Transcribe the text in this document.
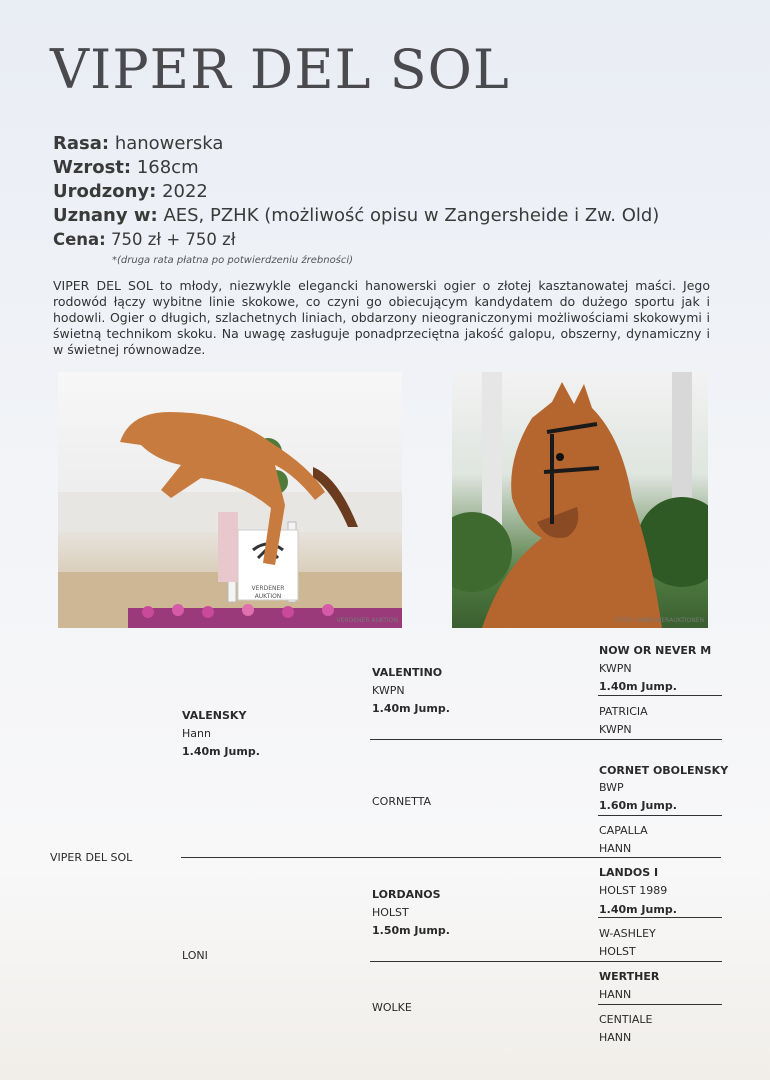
VIPER DEL SOL
Rasa: hanowerska
Wzrost: 168cm
Urodzony: 2022
Uznany w: AES, PZHK (możliwość opisu w Zangersheide i Zw. Old)
Cena: 750 zł + 750 zł
*(druga rata płatna po potwierdzeniu źrebności)
VIPER DEL SOL to młody, niezwykle elegancki hanowerski ogier o złotej kasztanowatej maści. Jego rodowód łączy wybitne linie skokowe, co czyni go obiecującym kandydatem do dużego sportu jak i hodowli. Ogier o długich, szlachetnych liniach, obdarzony nieograniczonymi możliwościami skokowymi i świetną technikom skoku. Na uwagę zasługuje ponadprzeciętna jakość galopu, obszerny, dynamiczny i w świetnej równowadze.
VERDENER
AUKTION
VERDENER AUKTION	FOTO: HANNOVERAUKTIONEN
VIPER DEL SOL
VALENSKY
Hann
1.40m Jump.
LONI
VALENTINO
KWPN
1.40m Jump.
CORNETTA
LORDANOS
HOLST
1.50m Jump.
WOLKE
NOW OR NEVER M
KWPN
1.40m Jump.
PATRICIA
KWPN
CORNET OBOLENSKY
BWP
1.60m Jump.
CAPALLA
HANN
LANDOS I
HOLST 1989
1.40m Jump.
W-ASHLEY
HOLST
WERTHER
HANN
CENTIALE
HANN
